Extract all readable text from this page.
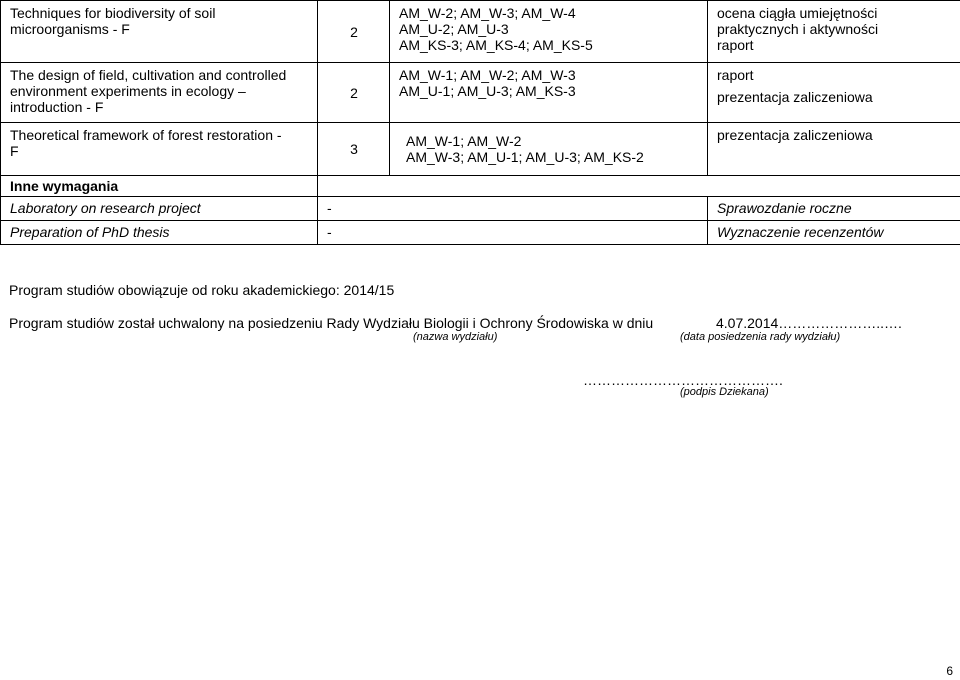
Techniques for biodiversity of soil
microorganisms - F	2	AM_W-2; AM_W-3; AM_W-4
AM_U-2; AM_U-3
AM_KS-3; AM_KS-4; AM_KS-5	ocena ciągła umiejętności
praktycznych i aktywności
raport

The design of field, cultivation and controlled
environment experiments in ecology –
introduction - F	2	AM_W-1; AM_W-2; AM_W-3
AM_U-1; AM_U-3; AM_KS-3	raport
prezentacja zaliczeniowa

Theoretical framework of forest restoration -
F	3	AM_W-1; AM_W-2
AM_W-3; AM_U-1; AM_U-3; AM_KS-2	prezentacja zaliczeniowa

Inne wymagania			
Laboratory on research project	-		Sprawozdanie roczne
Preparation of PhD thesis	-		Wyznaczenie recenzentów
Program studiów obowiązuje od roku akademickiego: 2014/15
Program studiów został uchwalony na posiedzeniu Rady Wydziału Biologii i Ochrony Środowiska w dniu	4.07.2014…………………..….
(nazwa wydziału)	(data posiedzenia rady wydziału)
…………………………………….
(podpis Dziekana)
6
